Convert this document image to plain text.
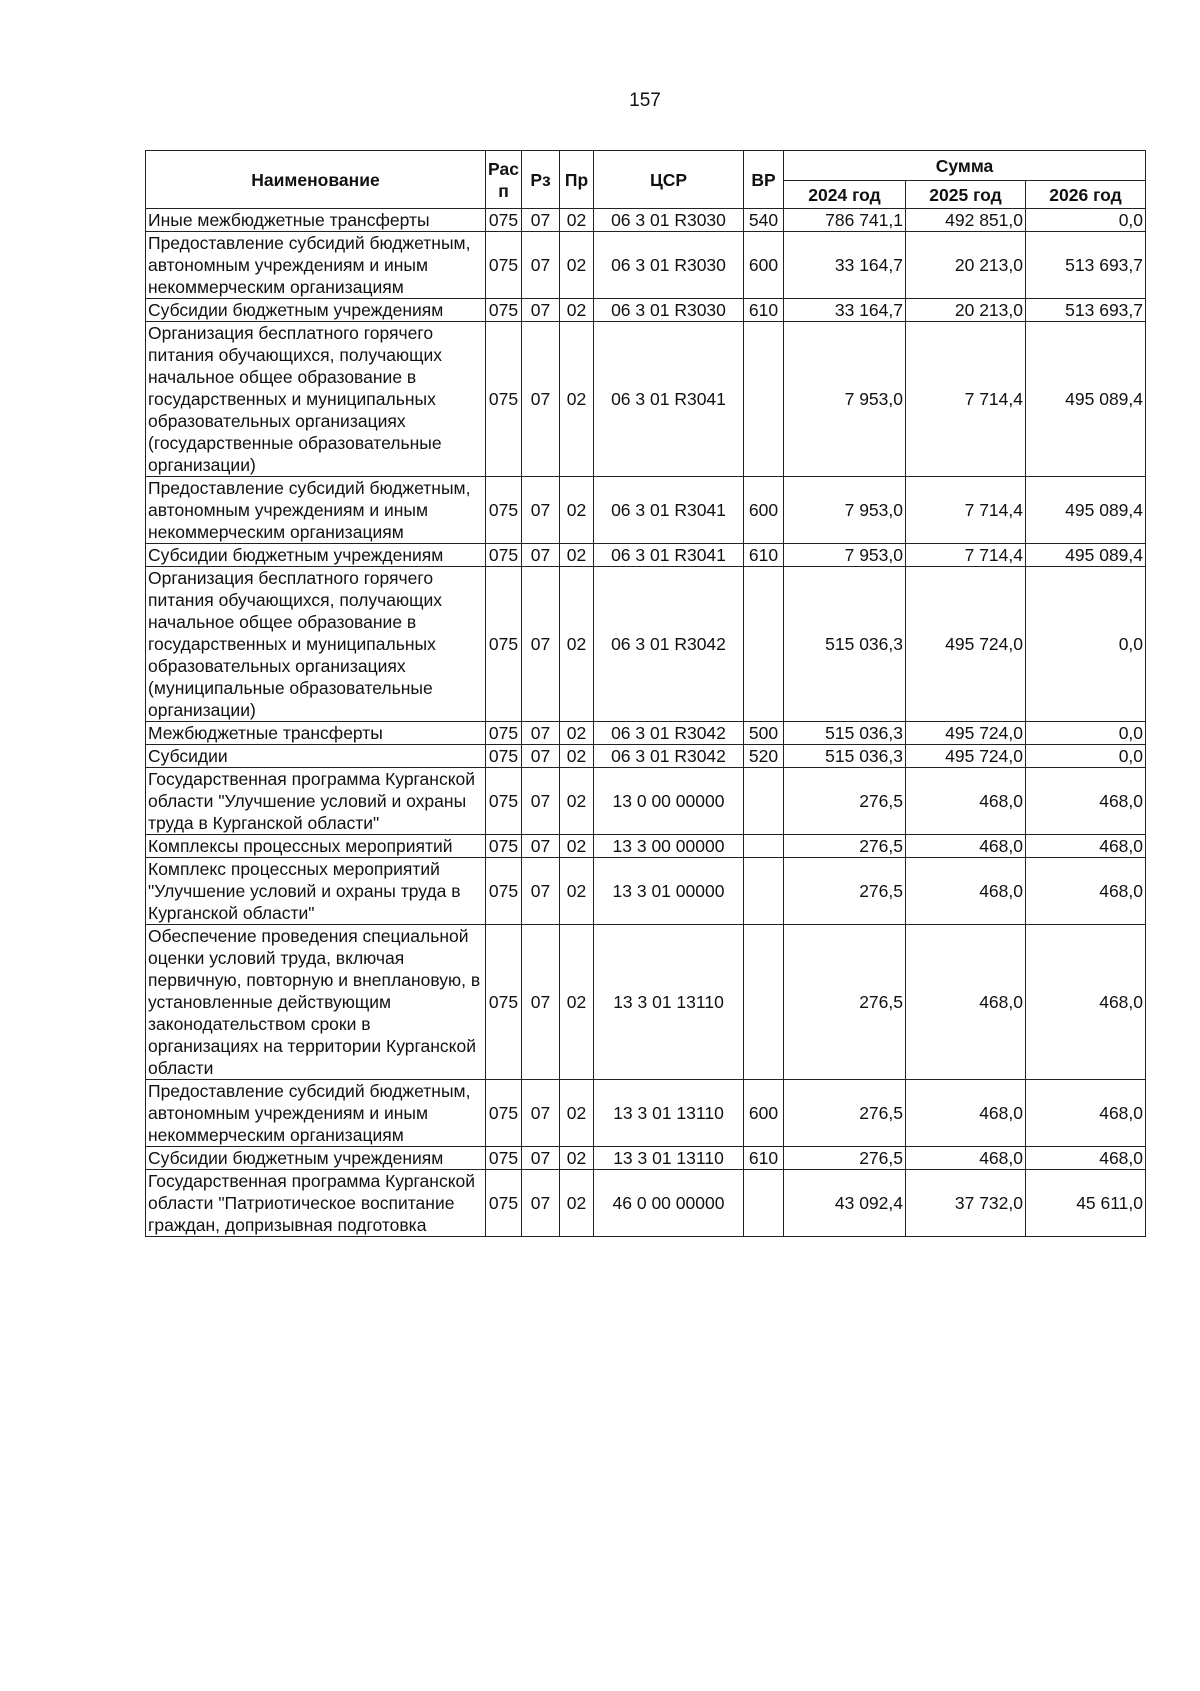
157
Наименование	Рас п	Рз	Пр	ЦСР	ВР	Сумма		
						2024 год	2025 год	2026 год
Иные межбюджетные трансферты	075	07	02	06 3 01 R3030	540	786 741,1	492 851,0	0,0
Предоставление субсидий бюджетным, автономным учреждениям и иным некоммерческим организациям	075	07	02	06 3 01 R3030	600	33 164,7	20 213,0	513 693,7
Субсидии бюджетным учреждениям	075	07	02	06 3 01 R3030	610	33 164,7	20 213,0	513 693,7
Организация бесплатного горячего питания обучающихся, получающих начальное общее образование в государственных и муниципальных образовательных организациях (государственные образовательные организации)	075	07	02	06 3 01 R3041		7 953,0	7 714,4	495 089,4
Предоставление субсидий бюджетным, автономным учреждениям и иным некоммерческим организациям	075	07	02	06 3 01 R3041	600	7 953,0	7 714,4	495 089,4
Субсидии бюджетным учреждениям	075	07	02	06 3 01 R3041	610	7 953,0	7 714,4	495 089,4
Организация бесплатного горячего питания обучающихся, получающих начальное общее образование в государственных и муниципальных образовательных организациях (муниципальные образовательные организации)	075	07	02	06 3 01 R3042		515 036,3	495 724,0	0,0
Межбюджетные трансферты	075	07	02	06 3 01 R3042	500	515 036,3	495 724,0	0,0
Субсидии	075	07	02	06 3 01 R3042	520	515 036,3	495 724,0	0,0
Государственная программа Курганской области "Улучшение условий и охраны труда в Курганской области"	075	07	02	13 0 00 00000		276,5	468,0	468,0
Комплексы процессных мероприятий	075	07	02	13 3 00 00000		276,5	468,0	468,0
Комплекс процессных мероприятий "Улучшение условий и охраны труда в Курганской области"	075	07	02	13 3 01 00000		276,5	468,0	468,0
Обеспечение проведения специальной оценки условий труда, включая первичную, повторную и внеплановую, в установленные действующим законодательством сроки в организациях на территории Курганской области	075	07	02	13 3 01 13110		276,5	468,0	468,0
Предоставление субсидий бюджетным, автономным учреждениям и иным некоммерческим организациям	075	07	02	13 3 01 13110	600	276,5	468,0	468,0
Субсидии бюджетным учреждениям	075	07	02	13 3 01 13110	610	276,5	468,0	468,0
Государственная программа Курганской области "Патриотическое воспитание граждан, допризывная подготовка	075	07	02	46 0 00 00000		43 092,4	37 732,0	45 611,0
